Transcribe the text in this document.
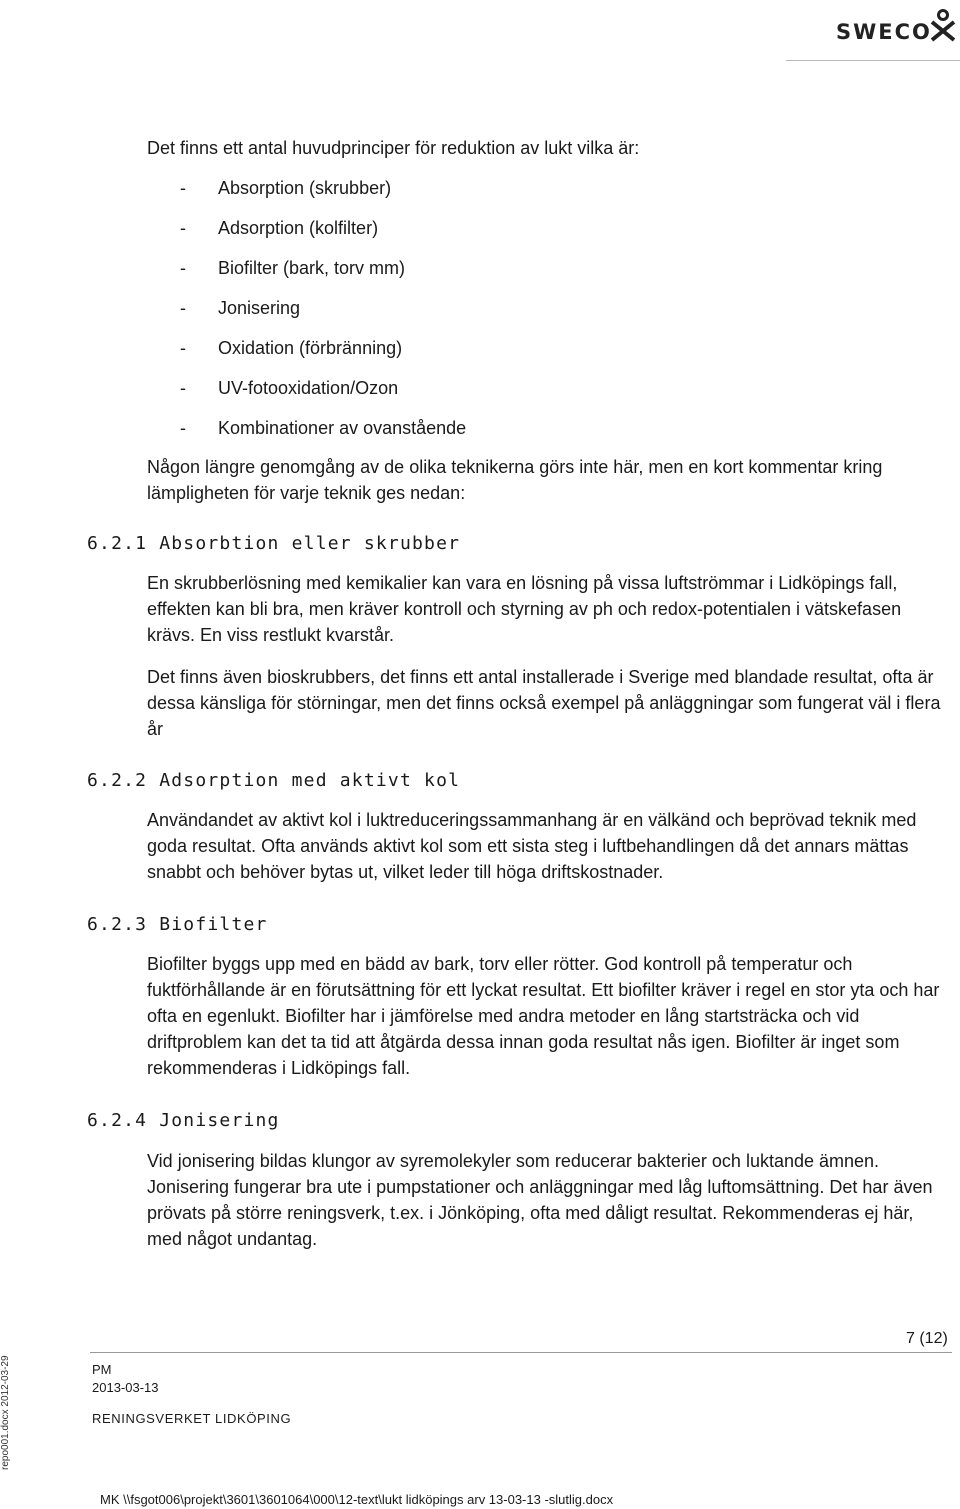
SWECO
Det finns ett antal huvudprinciper för reduktion av lukt vilka är:
- Absorption (skrubber)
- Adsorption (kolfilter)
- Biofilter (bark, torv mm)
- Jonisering
- Oxidation (förbränning)
- UV-fotooxidation/Ozon
- Kombinationer av ovanstående
Någon längre genomgång av de olika teknikerna görs inte här, men en kort kommentar kring lämpligheten för varje teknik ges nedan:
6.2.1 Absorbtion eller skrubber
En skrubberlösning med kemikalier kan vara en lösning på vissa luftströmmar i Lidköpings fall, effekten kan bli bra, men kräver kontroll och styrning av ph och redox-potentialen i vätskefasen krävs. En viss restlukt kvarstår.
Det finns även bioskrubbers, det finns ett antal installerade i Sverige med blandade resultat, ofta är dessa känsliga för störningar, men det finns också exempel på anläggningar som fungerat väl i flera år
6.2.2 Adsorption med aktivt kol
Användandet av aktivt kol i luktreduceringssammanhang är en välkänd och beprövad teknik med goda resultat. Ofta används aktivt kol som ett sista steg i luftbehandlingen då det annars mättas snabbt och behöver bytas ut, vilket leder till höga driftskostnader.
6.2.3 Biofilter
Biofilter byggs upp med en bädd av bark, torv eller rötter. God kontroll på temperatur och fuktförhållande är en förutsättning för ett lyckat resultat. Ett biofilter kräver i regel en stor yta och har ofta en egenlukt. Biofilter har i jämförelse med andra metoder en lång startsträcka och vid driftproblem kan det ta tid att åtgärda dessa innan goda resultat nås igen. Biofilter är inget som rekommenderas i Lidköpings fall.
6.2.4 Jonisering
Vid jonisering bildas klungor av syremolekyler som reducerar bakterier och luktande ämnen. Jonisering fungerar bra ute i pumpstationer och anläggningar med låg luftomsättning. Det har även prövats på större reningsverk, t.ex. i Jönköping, ofta med dåligt resultat. Rekommenderas ej här, med något undantag.
7 (12)
PM
2013-03-13
RENINGSVERKET LIDKÖPING
repo001.docx 2012-03-29
MK \\fsgot006\projekt\3601\3601064\000\12-text\lukt lidköpings arv 13-03-13 -slutlig.docx
